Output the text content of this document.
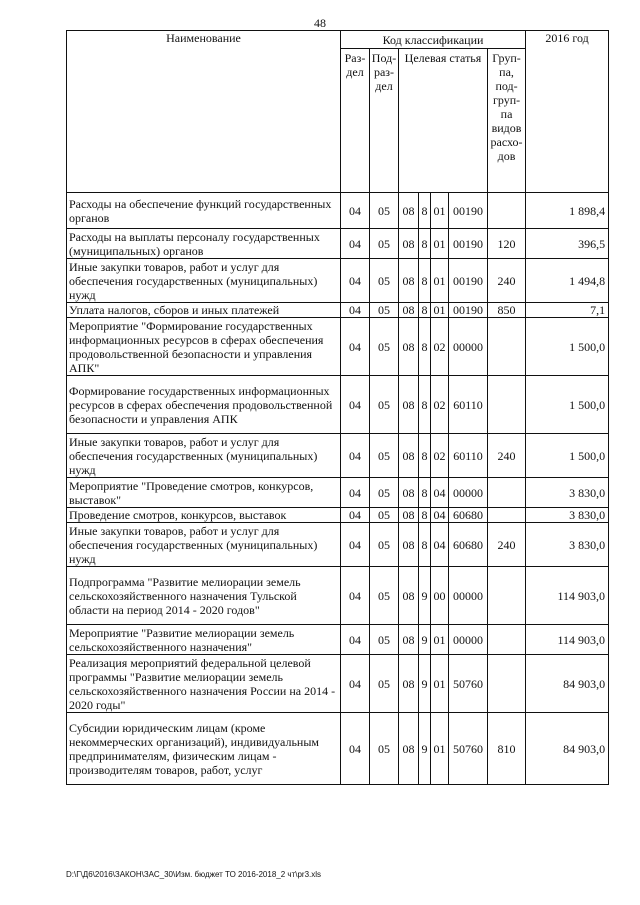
48
Наименование	Код классификации							2016 год
	Раз-дел	Под-раз-дел	Целевая статья				Груп-па, под-груп-па видов расхо-дов	
Расходы на обеспечение функций государственных органов	04	05	08	8	01	00190		1 898,4
Расходы на выплаты персоналу государственных (муниципальных) органов	04	05	08	8	01	00190	120	396,5
Иные закупки товаров, работ и услуг для обеспечения государственных (муниципальных) нужд	04	05	08	8	01	00190	240	1 494,8
Уплата налогов, сборов и иных платежей	04	05	08	8	01	00190	850	7,1
Мероприятие "Формирование государственных информационных ресурсов в сферах обеспечения продовольственной безопасности и управления АПК"	04	05	08	8	02	00000		1 500,0
Формирование государственных информационных ресурсов в сферах обеспечения продовольственной безопасности и управления АПК	04	05	08	8	02	60110		1 500,0
Иные закупки товаров, работ и услуг для обеспечения государственных (муниципальных) нужд	04	05	08	8	02	60110	240	1 500,0
Мероприятие "Проведение смотров, конкурсов, выставок"	04	05	08	8	04	00000		3 830,0
Проведение смотров, конкурсов, выставок	04	05	08	8	04	60680		3 830,0
Иные закупки товаров, работ и услуг для обеспечения государственных (муниципальных) нужд	04	05	08	8	04	60680	240	3 830,0
Подпрограмма "Развитие мелиорации земель сельскохозяйственного назначения Тульской области на период 2014 - 2020 годов"	04	05	08	9	00	00000		114 903,0
Мероприятие "Развитие мелиорации земель сельскохозяйственного назначения"	04	05	08	9	01	00000		114 903,0
Реализация мероприятий федеральной целевой программы "Развитие мелиорации земель сельскохозяйственного назначения России на 2014 - 2020 годы"	04	05	08	9	01	50760		84 903,0
Субсидии юридическим лицам (кроме некоммерческих организаций), индивидуальным предпринимателям, физическим лицам - производителям товаров, работ, услуг	04	05	08	9	01	50760	810	84 903,0
D:\Г\Д6\2016\ЗАКОН\ЗАС_30\Изм. бюджет ТО 2016-2018_2 чт\pr3.xls
